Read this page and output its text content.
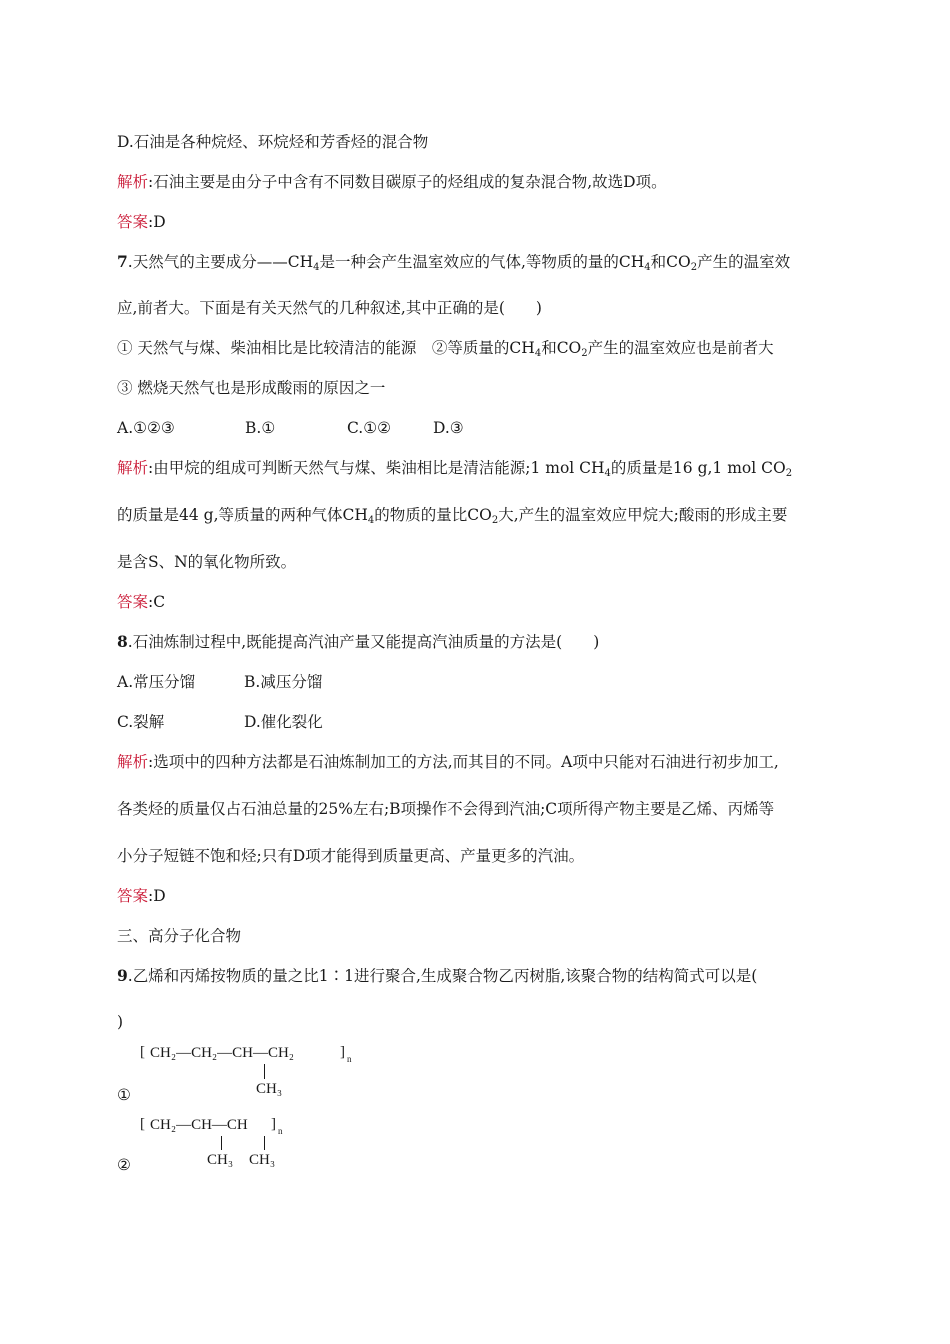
D.石油是各种烷烃、环烷烃和芳香烃的混合物
解析:石油主要是由分子中含有不同数目碳原子的烃组成的复杂混合物,故选D项。
答案:D
7.天然气的主要成分$——CH_4$是一种会产生温室效应的气体,等物质的量的$CH_4$和$CO_2$产生的温室效
应,前者大。下面是有关天然气的几种叙述,其中正确的是(　　)
① 天然气与煤、柴油相比是比较清洁的能源　②等质量的$CH_4$和$CO_2$产生的温室效应也是前者大
③ 燃烧天然气也是形成酸雨的原因之一
A.①②③	B.①	C.①②	D.③
解析:由甲烷的组成可判断天然气与煤、柴油相比是清洁能源;1 mol $CH_4$的质量是16 g,1 mol $CO_2$
的质量是44 g,等质量的两种气体$CH_4$的物质的量比$CO_2$大,产生的温室效应甲烷大;酸雨的形成主要
是含S、N的氧化物所致。
答案:C
8.石油炼制过程中,既能提高汽油产量又能提高汽油质量的方法是(　　)
A.常压分馏	B.减压分馏
C.裂解	D.催化裂化
解析:选项中的四种方法都是石油炼制加工的方法,而其目的不同。A项中只能对石油进行初步加工,
各类烃的质量仅占石油总量的25%左右;B项操作不会得到汽油;C项所得产物主要是乙烯、丙烯等
小分子短链不饱和烃;只有D项才能得到质量更高、产量更多的汽油。
答案:D
三、高分子化合物
9.乙烯和丙烯按物质的量之比1∶1进行聚合,生成聚合物乙丙树脂,该聚合物的结构简式可以是(
)
[ CH₂—CH₂—CH—CH₂	] n
CH₃
①
[ CH₂—CH—CH ] n
CH₃ CH₃
②
